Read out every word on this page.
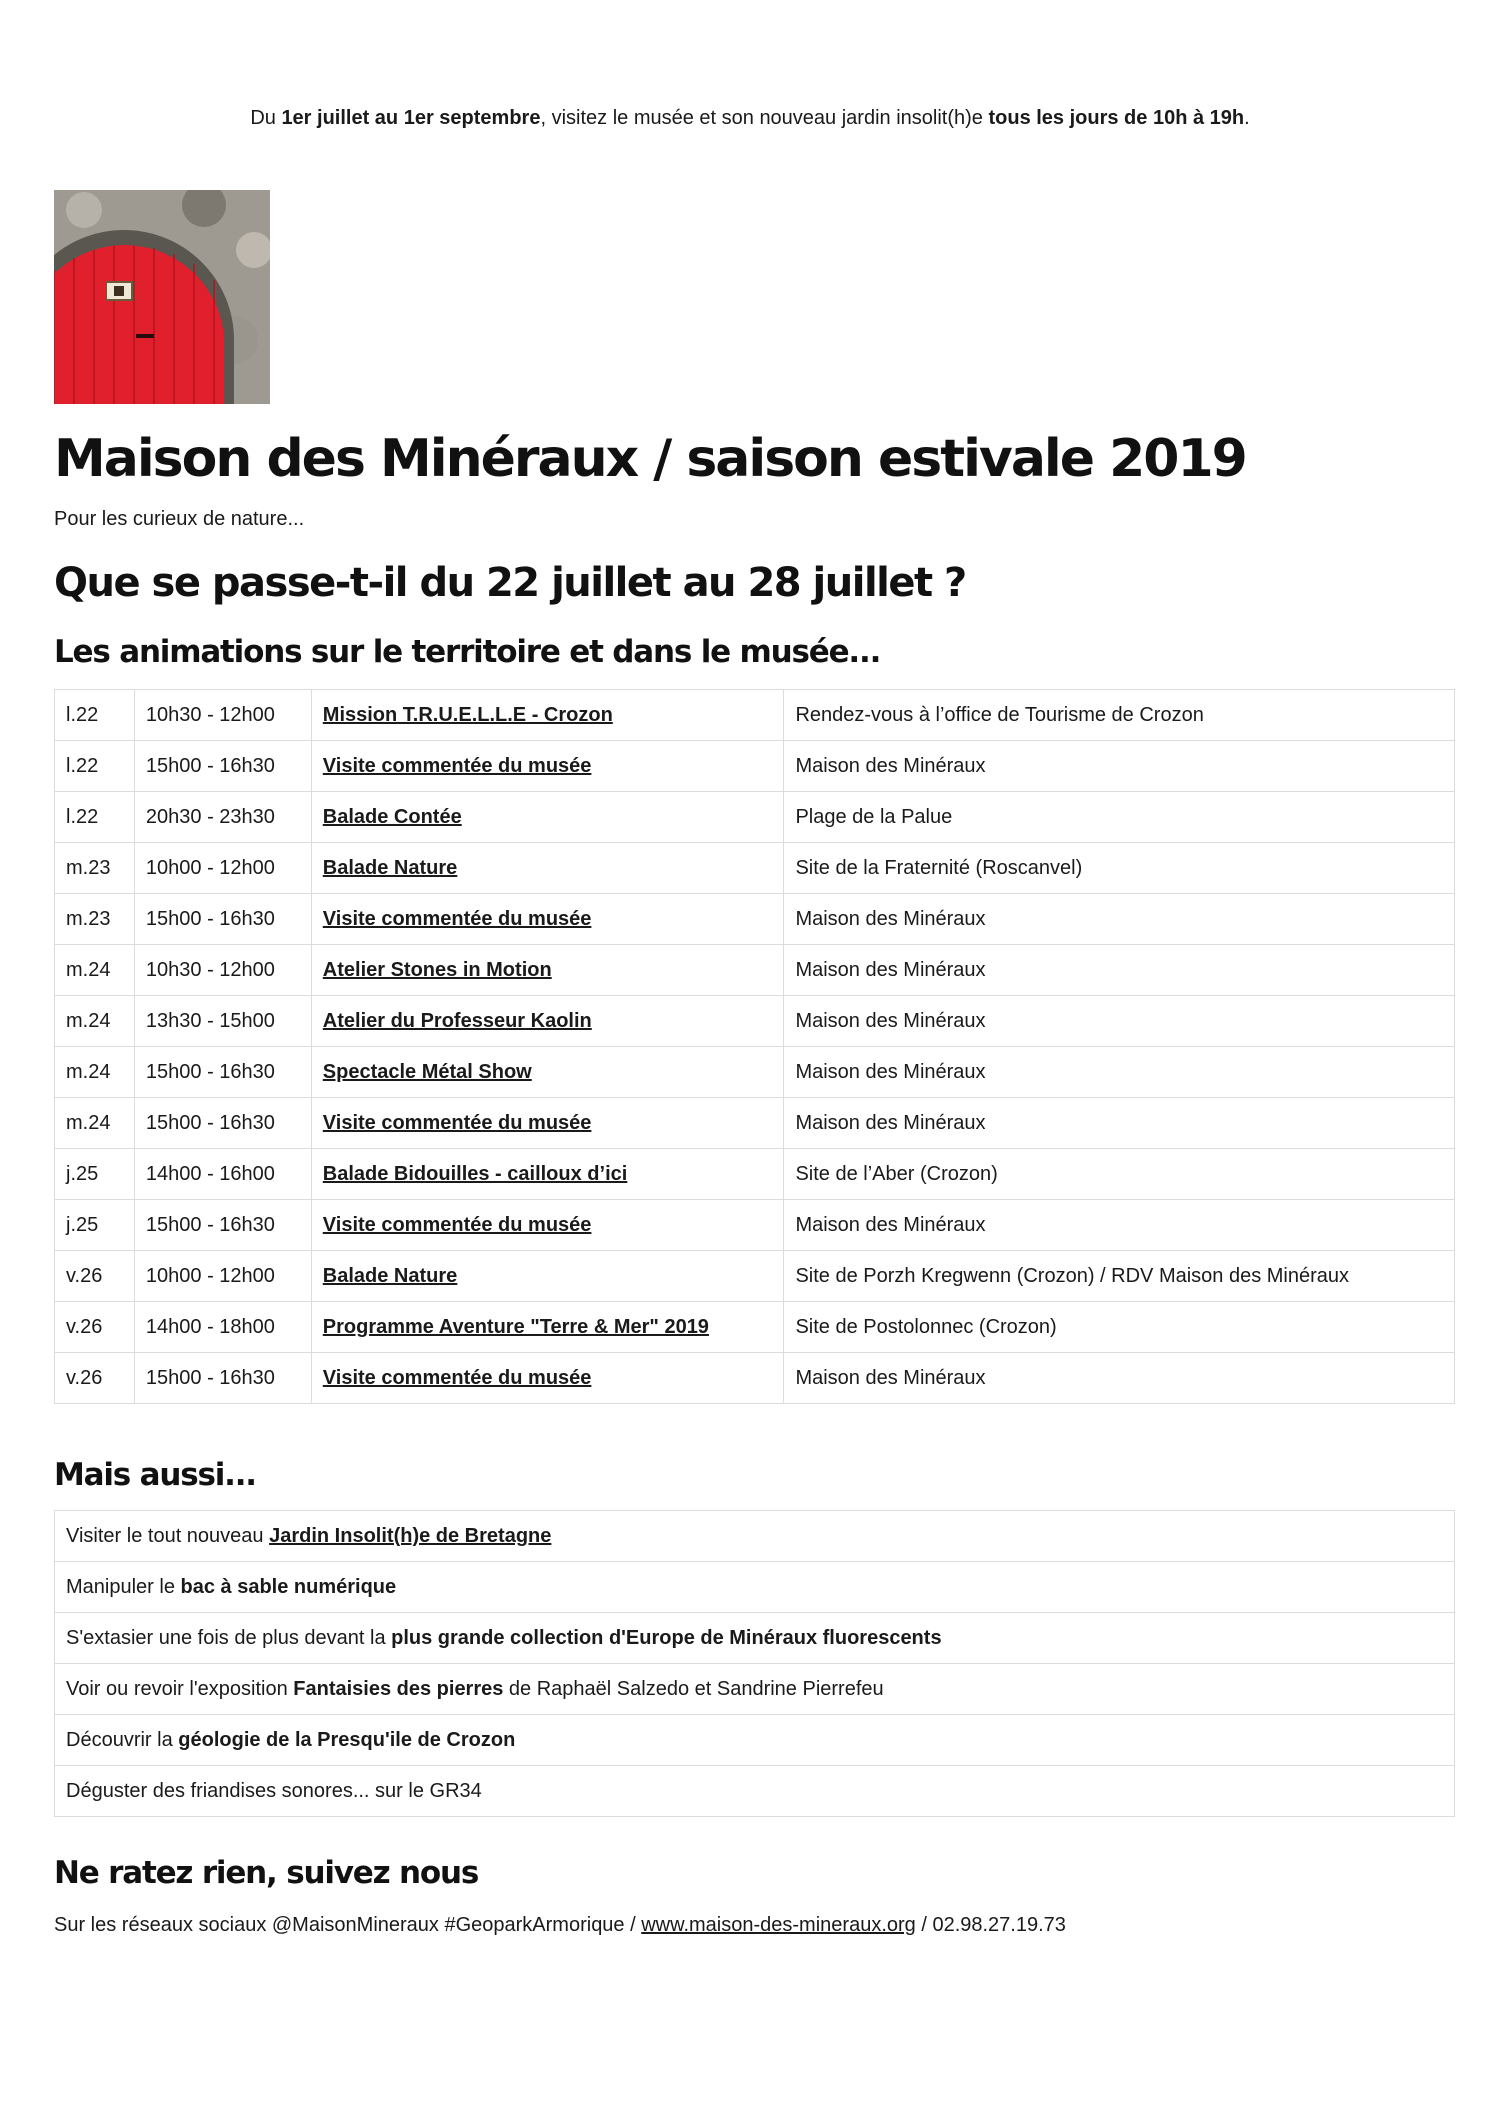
Du 1er juillet au 1er septembre, visitez le musée et son nouveau jardin insolit(h)e tous les jours de 10h à 19h.
Maison des Minéraux / saison estivale 2019
Pour les curieux de nature...
Que se passe-t-il du 22 juillet au 28 juillet ?
Les animations sur le territoire et dans le musée...
l.22	10h30 - 12h00	Mission T.R.U.E.L.L.E - Crozon	Rendez-vous à l’office de Tourisme de Crozon
l.22	15h00 - 16h30	Visite commentée du musée	Maison des Minéraux
l.22	20h30 - 23h30	Balade Contée	Plage de la Palue
m.23	10h00 - 12h00	Balade Nature	Site de la Fraternité (Roscanvel)
m.23	15h00 - 16h30	Visite commentée du musée	Maison des Minéraux
m.24	10h30 - 12h00	Atelier Stones in Motion	Maison des Minéraux
m.24	13h30 - 15h00	Atelier du Professeur Kaolin	Maison des Minéraux
m.24	15h00 - 16h30	Spectacle Métal Show	Maison des Minéraux
m.24	15h00 - 16h30	Visite commentée du musée	Maison des Minéraux
j.25	14h00 - 16h00	Balade Bidouilles - cailloux d’ici	Site de l’Aber (Crozon)
j.25	15h00 - 16h30	Visite commentée du musée	Maison des Minéraux
v.26	10h00 - 12h00	Balade Nature	Site de Porzh Kregwenn (Crozon) / RDV Maison des Minéraux
v.26	14h00 - 18h00	Programme Aventure "Terre & Mer" 2019	Site de Postolonnec (Crozon)
v.26	15h00 - 16h30	Visite commentée du musée	Maison des Minéraux
Mais aussi...
Visiter le tout nouveau Jardin Insolit(h)e de Bretagne
Manipuler le bac à sable numérique
S'extasier une fois de plus devant la plus grande collection d'Europe de Minéraux fluorescents
Voir ou revoir l'exposition Fantaisies des pierres de Raphaël Salzedo et Sandrine Pierrefeu
Découvrir la géologie de la Presqu'ile de Crozon
Déguster des friandises sonores... sur le GR34
Ne ratez rien, suivez nous
Sur les réseaux sociaux @MaisonMineraux #GeoparkArmorique / www.maison-des-mineraux.org / 02.98.27.19.73
